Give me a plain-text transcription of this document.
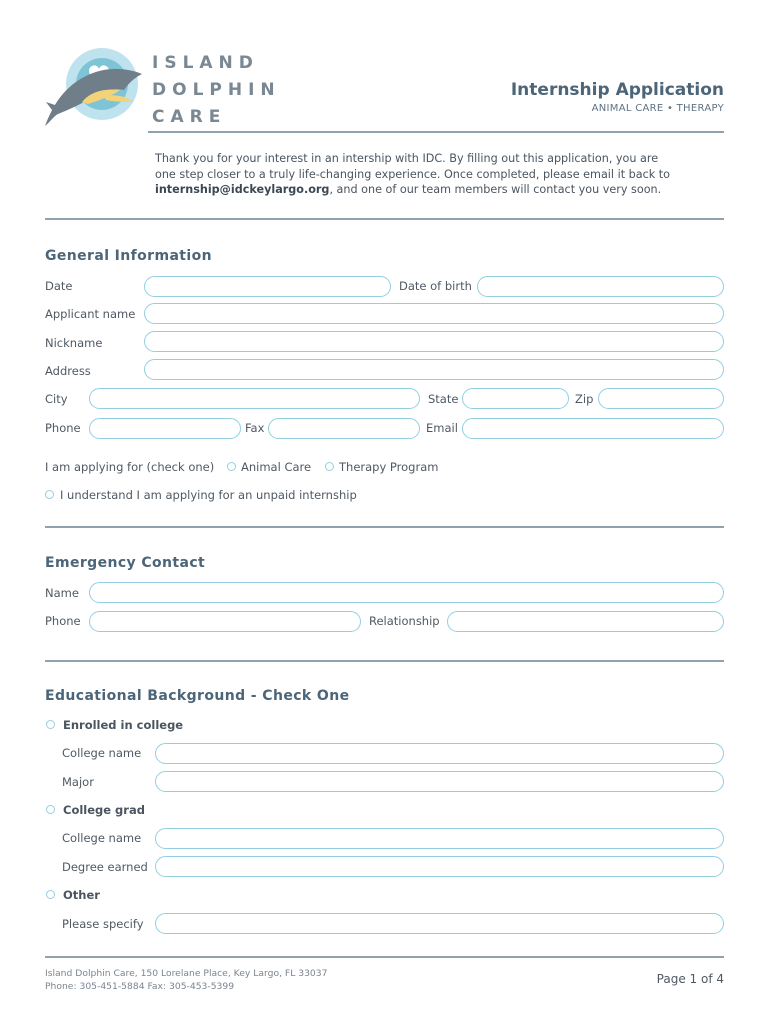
ISLAND
DOLPHIN
CARE
Internship Application
ANIMAL CARE • THERAPY
Thank you for your interest in an intership with IDC. By filling out this application, you are
one step closer to a truly life-changing experience. Once completed, please email it back to
internship@idckeylargo.org, and one of our team members will contact you very soon.
General Information
Date	Date of birth
Applicant name
Nickname
Address
City	State	Zip
Phone	Fax	Email
I am applying for (check one) Animal Care Therapy Program
I understand I am applying for an unpaid internship
Emergency Contact
Name
Phone	Relationship
Educational Background - Check One
Enrolled in college
College name
Major
College grad
College name
Degree earned
Other
Please specify
Island Dolphin Care, 150 Lorelane Place, Key Largo, FL 33037
Phone: 305-451-5884 Fax: 305-453-5399
Page 1 of 4
